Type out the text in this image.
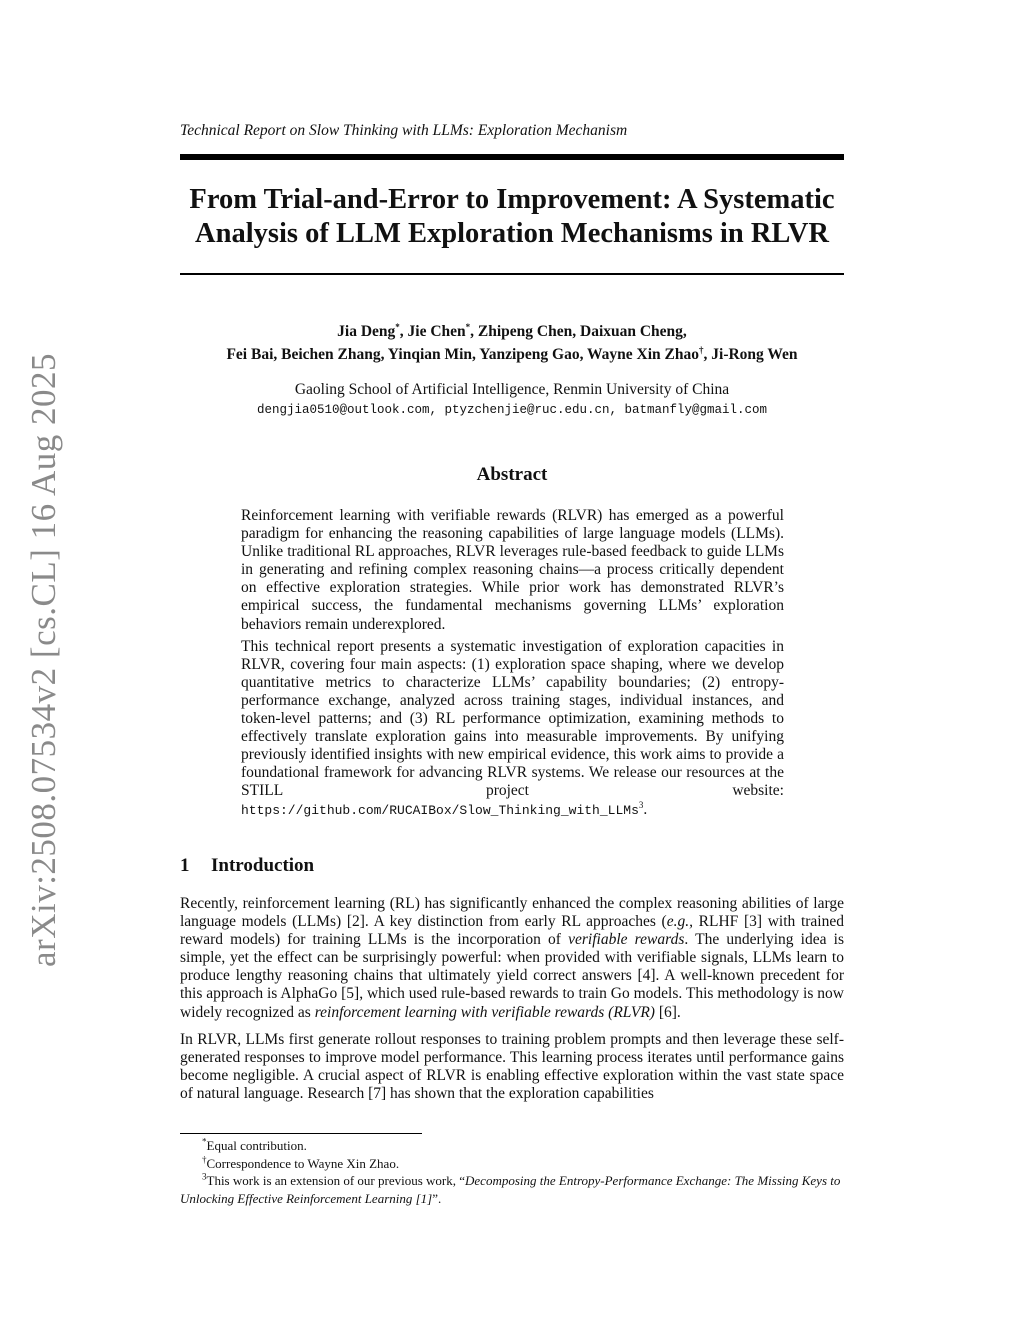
arXiv:2508.07534v2 [cs.CL] 16 Aug 2025
Technical Report on Slow Thinking with LLMs: Exploration Mechanism
From Trial-and-Error to Improvement: A Systematic
Analysis of LLM Exploration Mechanisms in RLVR
Jia Deng*, Jie Chen*, Zhipeng Chen, Daixuan Cheng,
Fei Bai, Beichen Zhang, Yinqian Min, Yanzipeng Gao, Wayne Xin Zhao†, Ji-Rong Wen
Gaoling School of Artificial Intelligence, Renmin University of China
dengjia0510@outlook.com, ptyzchenjie@ruc.edu.cn, batmanfly@gmail.com
Abstract

Reinforcement learning with verifiable rewards (RLVR) has emerged as a powerful paradigm for enhancing the reasoning capabilities of large language models (LLMs). Unlike traditional RL approaches, RLVR leverages rule-based feedback to guide LLMs in generating and refining complex reasoning chains—a process critically dependent on effective exploration strategies. While prior work has demonstrated RLVR’s empirical success, the fundamental mechanisms governing LLMs’ exploration behaviors remain underexplored.

This technical report presents a systematic investigation of exploration capacities in RLVR, covering four main aspects: (1) exploration space shaping, where we develop quantitative metrics to characterize LLMs’ capability boundaries; (2) entropy-performance exchange, analyzed across training stages, individual instances, and token-level patterns; and (3) RL performance optimization, examining methods to effectively translate exploration gains into measurable improvements. By unifying previously identified insights with new empirical evidence, this work aims to provide a foundational framework for advancing RLVR systems. We release our resources at the STILL project website: https://github.com/RUCAIBox/Slow_Thinking_with_LLMs$^3$.

1 Introduction

Recently, reinforcement learning (RL) has significantly enhanced the complex reasoning abilities of large language models (LLMs) [2]. A key distinction from early RL approaches (e.g., RLHF [3] with trained reward models) for training LLMs is the incorporation of verifiable rewards. The underlying idea is simple, yet the effect can be surprisingly powerful: when provided with verifiable signals, LLMs learn to produce lengthy reasoning chains that ultimately yield correct answers [4]. A well-known precedent for this approach is AlphaGo [5], which used rule-based rewards to train Go models. This methodology is now widely recognized as reinforcement learning with verifiable rewards (RLVR) [6].

In RLVR, LLMs first generate rollout responses to training problem prompts and then leverage these self-generated responses to improve model performance. This learning process iterates until performance gains become negligible. A crucial aspect of RLVR is enabling effective exploration within the vast state space of natural language. Research [7] has shown that the exploration capabilities

*Equal contribution.

†Correspondence to Wayne Xin Zhao.

$^3$This work is an extension of our previous work, “Decomposing the Entropy-Performance Exchange: The Missing Keys to Unlocking Effective Reinforcement Learning [1]”.
